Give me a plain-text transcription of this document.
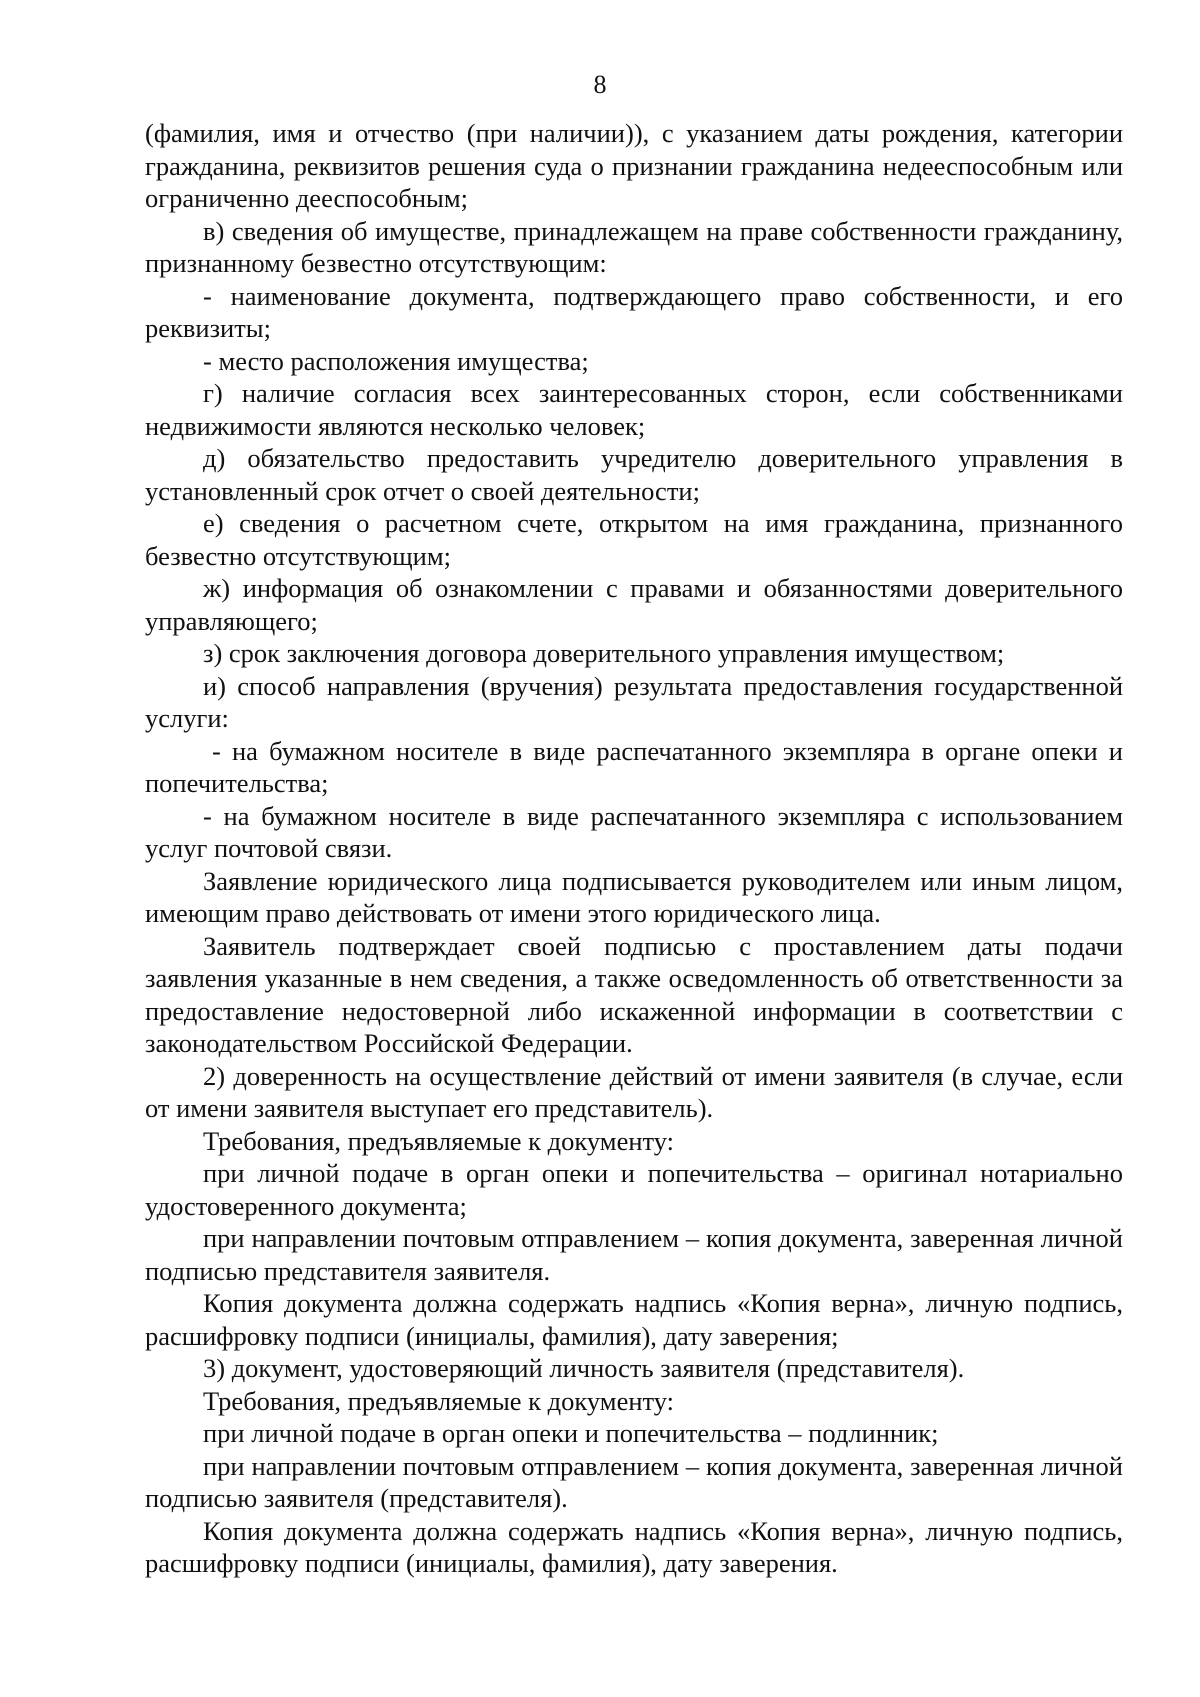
8

(фамилия, имя и отчество (при наличии)), с указанием даты рождения, категории гражданина, реквизитов решения суда о признании гражданина недееспособным или ограниченно дееспособным;

в) сведения об имуществе, принадлежащем на праве собственности гражданину, признанному безвестно отсутствующим:

- наименование документа, подтверждающего право собственности, и его реквизиты;

- место расположения имущества;

г) наличие согласия всех заинтересованных сторон, если собственниками недвижимости являются несколько человек;

д) обязательство предоставить учредителю доверительного управления в установленный срок отчет о своей деятельности;

е) сведения о расчетном счете, открытом на имя гражданина, признанного безвестно отсутствующим;

ж) информация об ознакомлении с правами и обязанностями доверительного управляющего;

з) срок заключения договора доверительного управления имуществом;

и) способ направления (вручения) результата предоставления государственной услуги:

- на бумажном носителе в виде распечатанного экземпляра в органе опеки и попечительства;

- на бумажном носителе в виде распечатанного экземпляра с использованием услуг почтовой связи.

Заявление юридического лица подписывается руководителем или иным лицом, имеющим право действовать от имени этого юридического лица.

Заявитель подтверждает своей подписью с проставлением даты подачи заявления указанные в нем сведения, а также осведомленность об ответственности за предоставление недостоверной либо искаженной информации в соответствии с законодательством Российской Федерации.

2) доверенность на осуществление действий от имени заявителя (в случае, если от имени заявителя выступает его представитель).

Требования, предъявляемые к документу:

при личной подаче в орган опеки и попечительства – оригинал нотариально удостоверенного документа;

при направлении почтовым отправлением – копия документа, заверенная личной подписью представителя заявителя.

Копия документа должна содержать надпись «Копия верна», личную подпись, расшифровку подписи (инициалы, фамилия), дату заверения;

3) документ, удостоверяющий личность заявителя (представителя).

Требования, предъявляемые к документу:

при личной подаче в орган опеки и попечительства – подлинник;

при направлении почтовым отправлением – копия документа, заверенная личной подписью заявителя (представителя).

Копия документа должна содержать надпись «Копия верна», личную подпись, расшифровку подписи (инициалы, фамилия), дату заверения.
